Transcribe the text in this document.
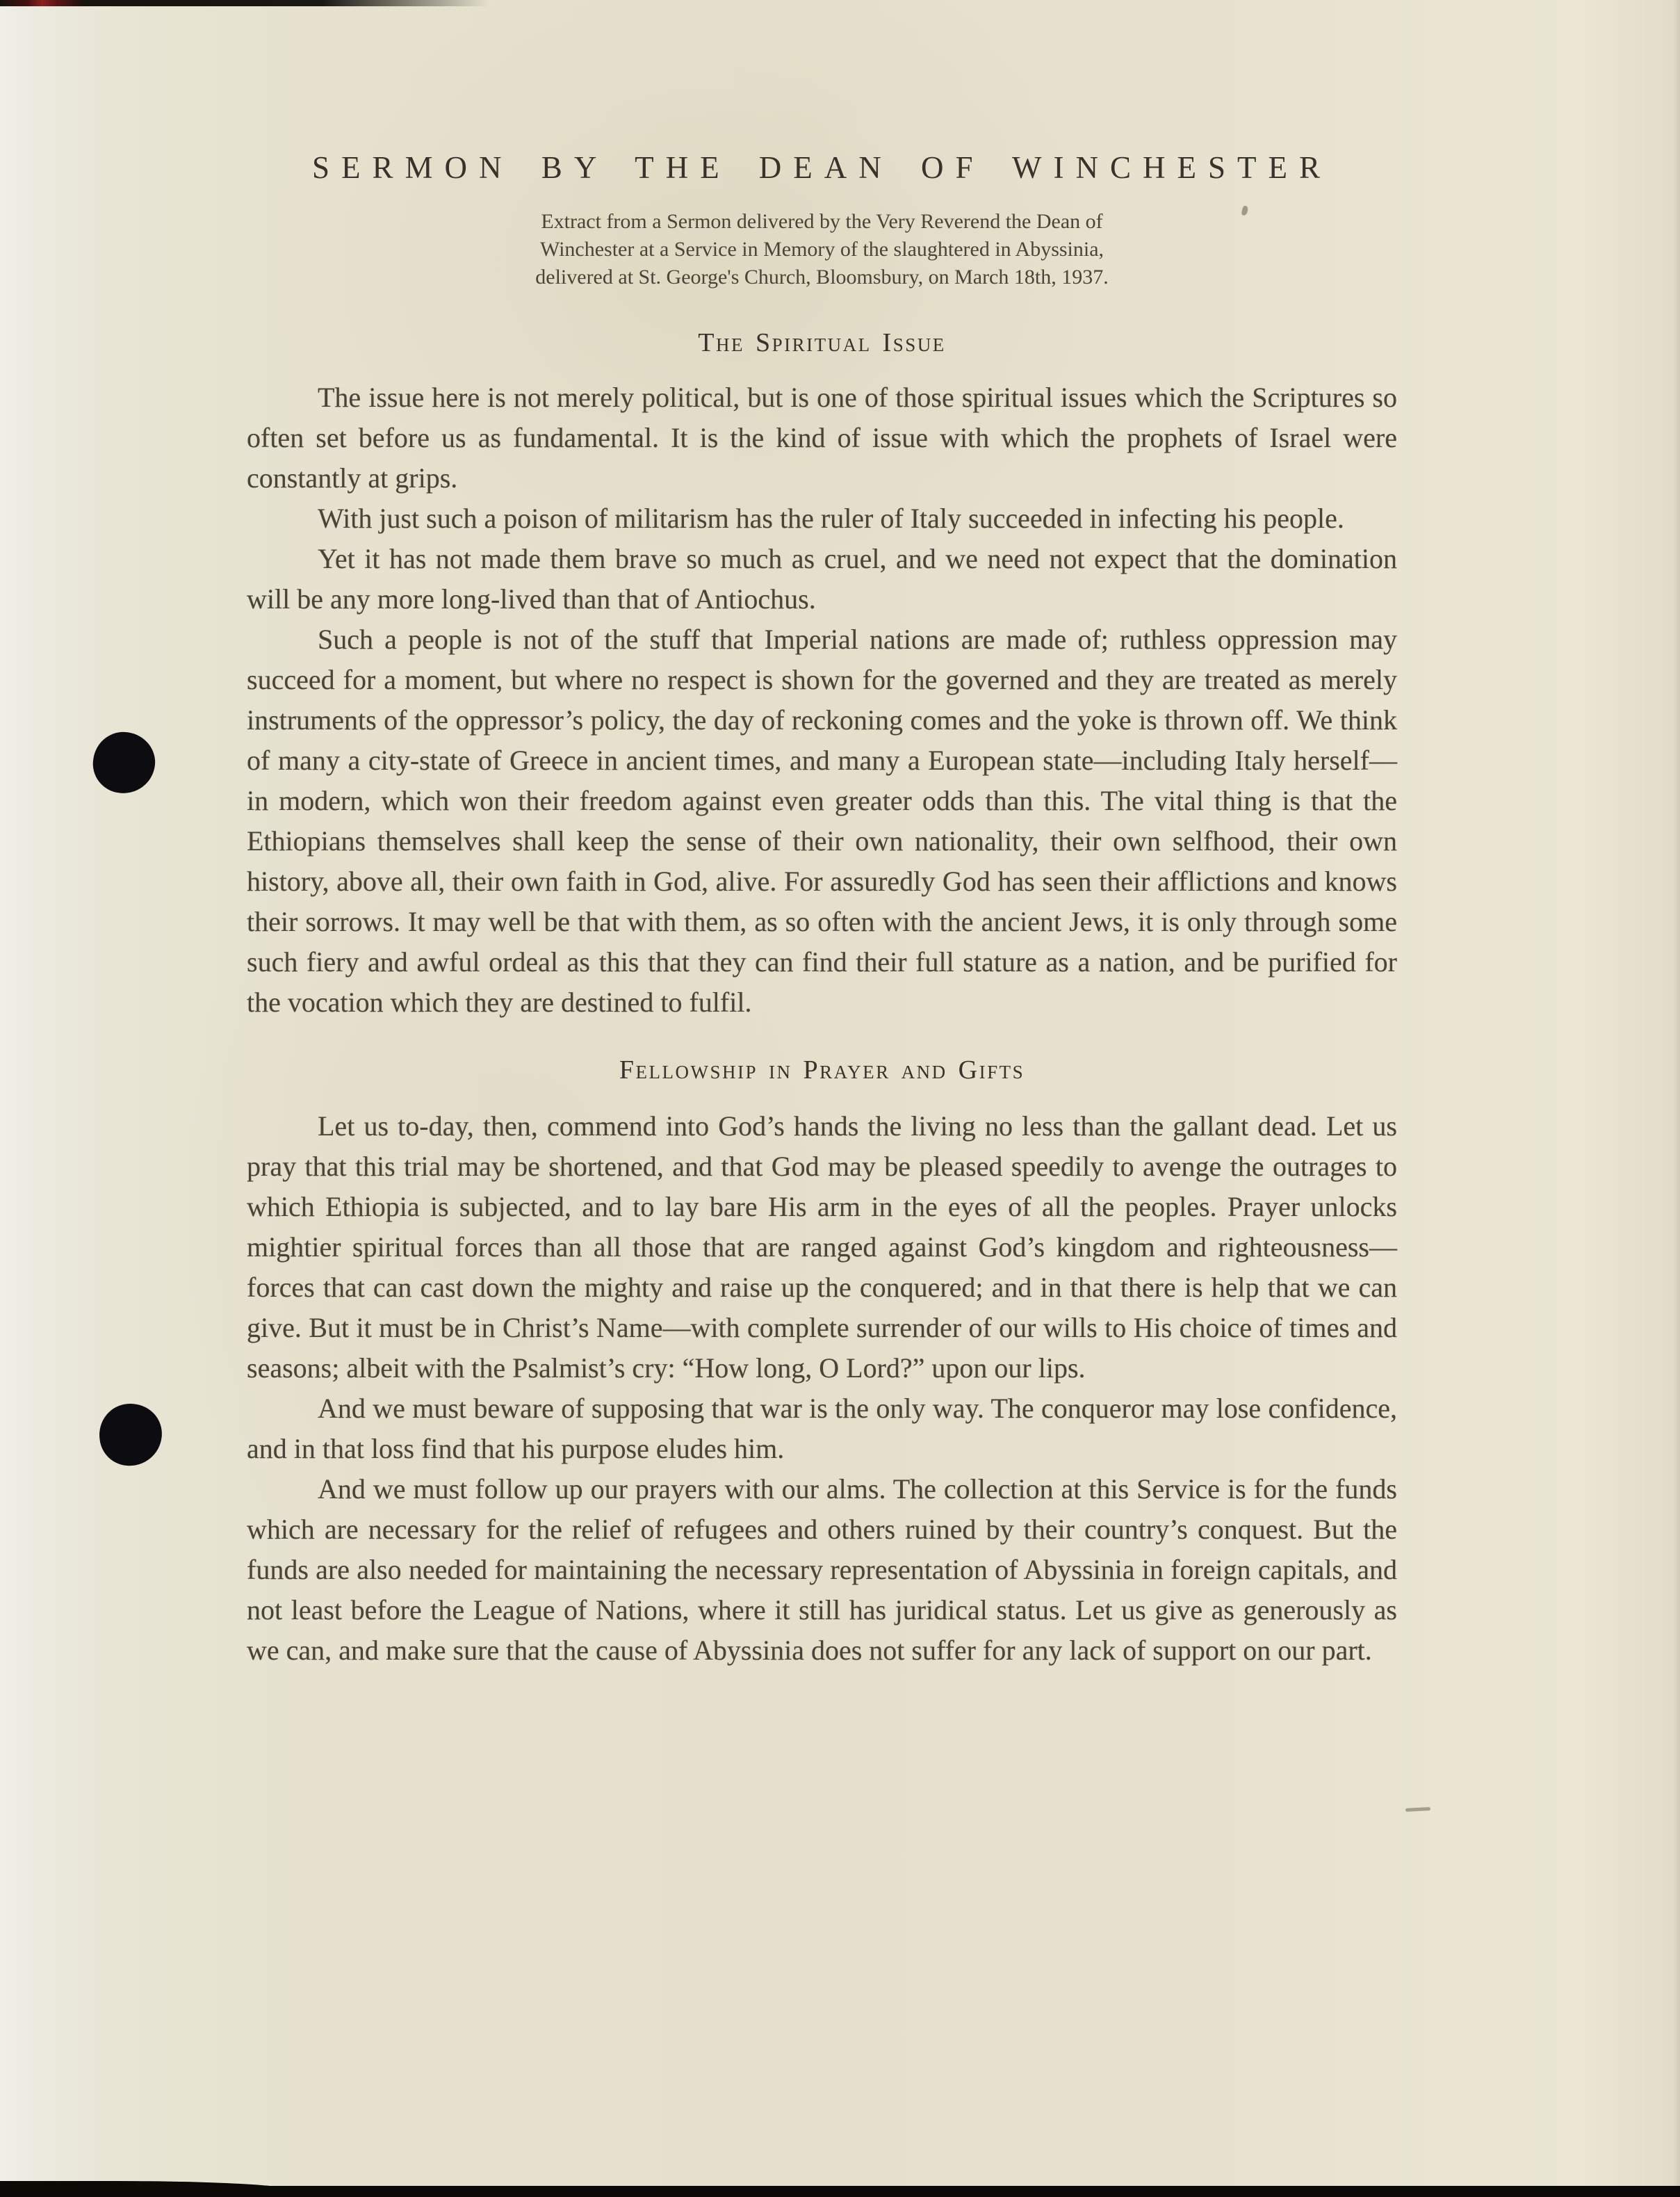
SERMON BY THE DEAN OF WINCHESTER
Extract from a Sermon delivered by the Very Reverend the Dean of
Winchester at a Service in Memory of the slaughtered in Abyssinia,
delivered at St. George's Church, Bloomsbury, on March 18th, 1937.
The Spiritual Issue

The issue here is not merely political, but is one of those spiritual issues which the Scriptures so often set before us as fundamental. It is the kind of issue with which the prophets of Israel were constantly at grips.

With just such a poison of militarism has the ruler of Italy succeeded in infecting his people.

Yet it has not made them brave so much as cruel, and we need not expect that the domination will be any more long-lived than that of Antiochus.

Such a people is not of the stuff that Imperial nations are made of; ruthless oppression may succeed for a moment, but where no respect is shown for the governed and they are treated as merely instruments of the oppressor’s policy, the day of reckoning comes and the yoke is thrown off. We think of many a city-state of Greece in ancient times, and many a European state—including Italy herself—in modern, which won their freedom against even greater odds than this. The vital thing is that the Ethiopians themselves shall keep the sense of their own nationality, their own selfhood, their own history, above all, their own faith in God, alive. For assuredly God has seen their afflictions and knows their sorrows. It may well be that with them, as so often with the ancient Jews, it is only through some such fiery and awful ordeal as this that they can find their full stature as a nation, and be purified for the vocation which they are destined to fulfil.

Fellowship in Prayer and Gifts

Let us to-day, then, commend into God’s hands the living no less than the gallant dead. Let us pray that this trial may be shortened, and that God may be pleased speedily to avenge the outrages to which Ethiopia is subjected, and to lay bare His arm in the eyes of all the peoples. Prayer unlocks mightier spiritual forces than all those that are ranged against God’s kingdom and righteousness—forces that can cast down the mighty and raise up the conquered; and in that there is help that we can give. But it must be in Christ’s Name—with complete surrender of our wills to His choice of times and seasons; albeit with the Psalmist’s cry: “How long, O Lord?” upon our lips.

And we must beware of supposing that war is the only way. The conqueror may lose confidence, and in that loss find that his purpose eludes him.

And we must follow up our prayers with our alms. The collection at this Service is for the funds which are necessary for the relief of refugees and others ruined by their country’s conquest. But the funds are also needed for maintaining the necessary representation of Abyssinia in foreign capitals, and not least before the League of Nations, where it still has juridical status. Let us give as generously as we can, and make sure that the cause of Abyssinia does not suffer for any lack of support on our part.
